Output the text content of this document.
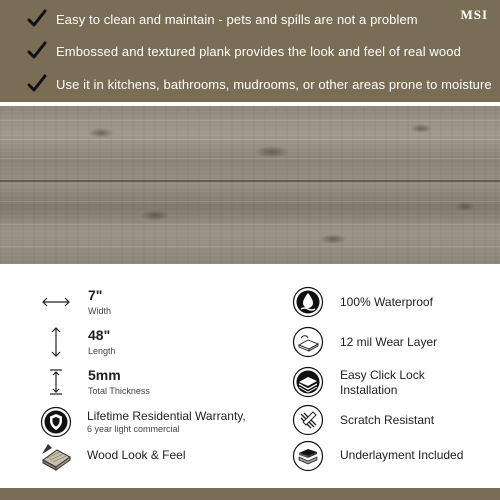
MSI
Easy to clean and maintain - pets and spills are not a problem
Embossed and textured plank provides the look and feel of real wood
Use it in kitchens, bathrooms, mudrooms, or other areas prone to moisture
7"
Width
48"
Length
5mm
Total Thickness
Lifetime Residential Warranty,
6 year light commercial
Wood Look & Feel
100% Waterproof
12 mil Wear Layer
Easy Click Lock
Installation
Scratch Resistant
Underlayment Included
